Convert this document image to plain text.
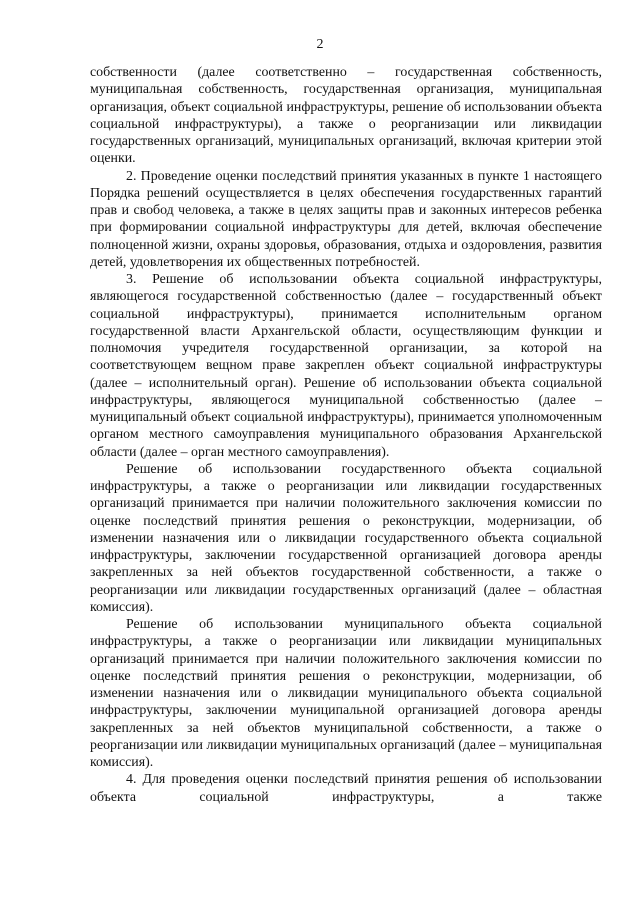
2

собственности (далее соответственно – государственная собственность, муниципальная собственность, государственная организация, муниципальная организация, объект социальной инфраструктуры, решение об использовании объекта социальной инфраструктуры), а также о реорганизации или ликвидации государственных организаций, муниципальных организаций, включая критерии этой оценки.

2. Проведение оценки последствий принятия указанных в пункте 1 настоящего Порядка решений осуществляется в целях обеспечения государственных гарантий прав и свобод человека, а также в целях защиты прав и законных интересов ребенка при формировании социальной инфраструктуры для детей, включая обеспечение полноценной жизни, охраны здоровья, образования, отдыха и оздоровления, развития детей, удовлетворения их общественных потребностей.

3. Решение об использовании объекта социальной инфраструктуры, являющегося государственной собственностью (далее – государственный объект социальной инфраструктуры), принимается исполнительным органом государственной власти Архангельской области, осуществляющим функции и полномочия учредителя государственной организации, за которой на соответствующем вещном праве закреплен объект социальной инфраструктуры (далее – исполнительный орган). Решение об использовании объекта социальной инфраструктуры, являющегося муниципальной собственностью (далее – муниципальный объект социальной инфраструктуры), принимается уполномоченным органом местного самоуправления муниципального образования Архангельской области (далее – орган местного самоуправления).

Решение об использовании государственного объекта социальной инфраструктуры, а также о реорганизации или ликвидации государственных организаций принимается при наличии положительного заключения комиссии по оценке последствий принятия решения о реконструкции, модернизации, об изменении назначения или о ликвидации государственного объекта социальной инфраструктуры, заключении государственной организацией договора аренды закрепленных за ней объектов государственной собственности, а также о реорганизации или ликвидации государственных организаций (далее – областная комиссия).

Решение об использовании муниципального объекта социальной инфраструктуры, а также о реорганизации или ликвидации муниципальных организаций принимается при наличии положительного заключения комиссии по оценке последствий принятия решения о реконструкции, модернизации, об изменении назначения или о ликвидации муниципального объекта социальной инфраструктуры, заключении муниципальной организацией договора аренды закрепленных за ней объектов муниципальной собственности, а также о реорганизации или ликвидации муниципальных организаций (далее – муниципальная комиссия).

4. Для проведения оценки последствий принятия решения об использовании объекта социальной инфраструктуры, а также
